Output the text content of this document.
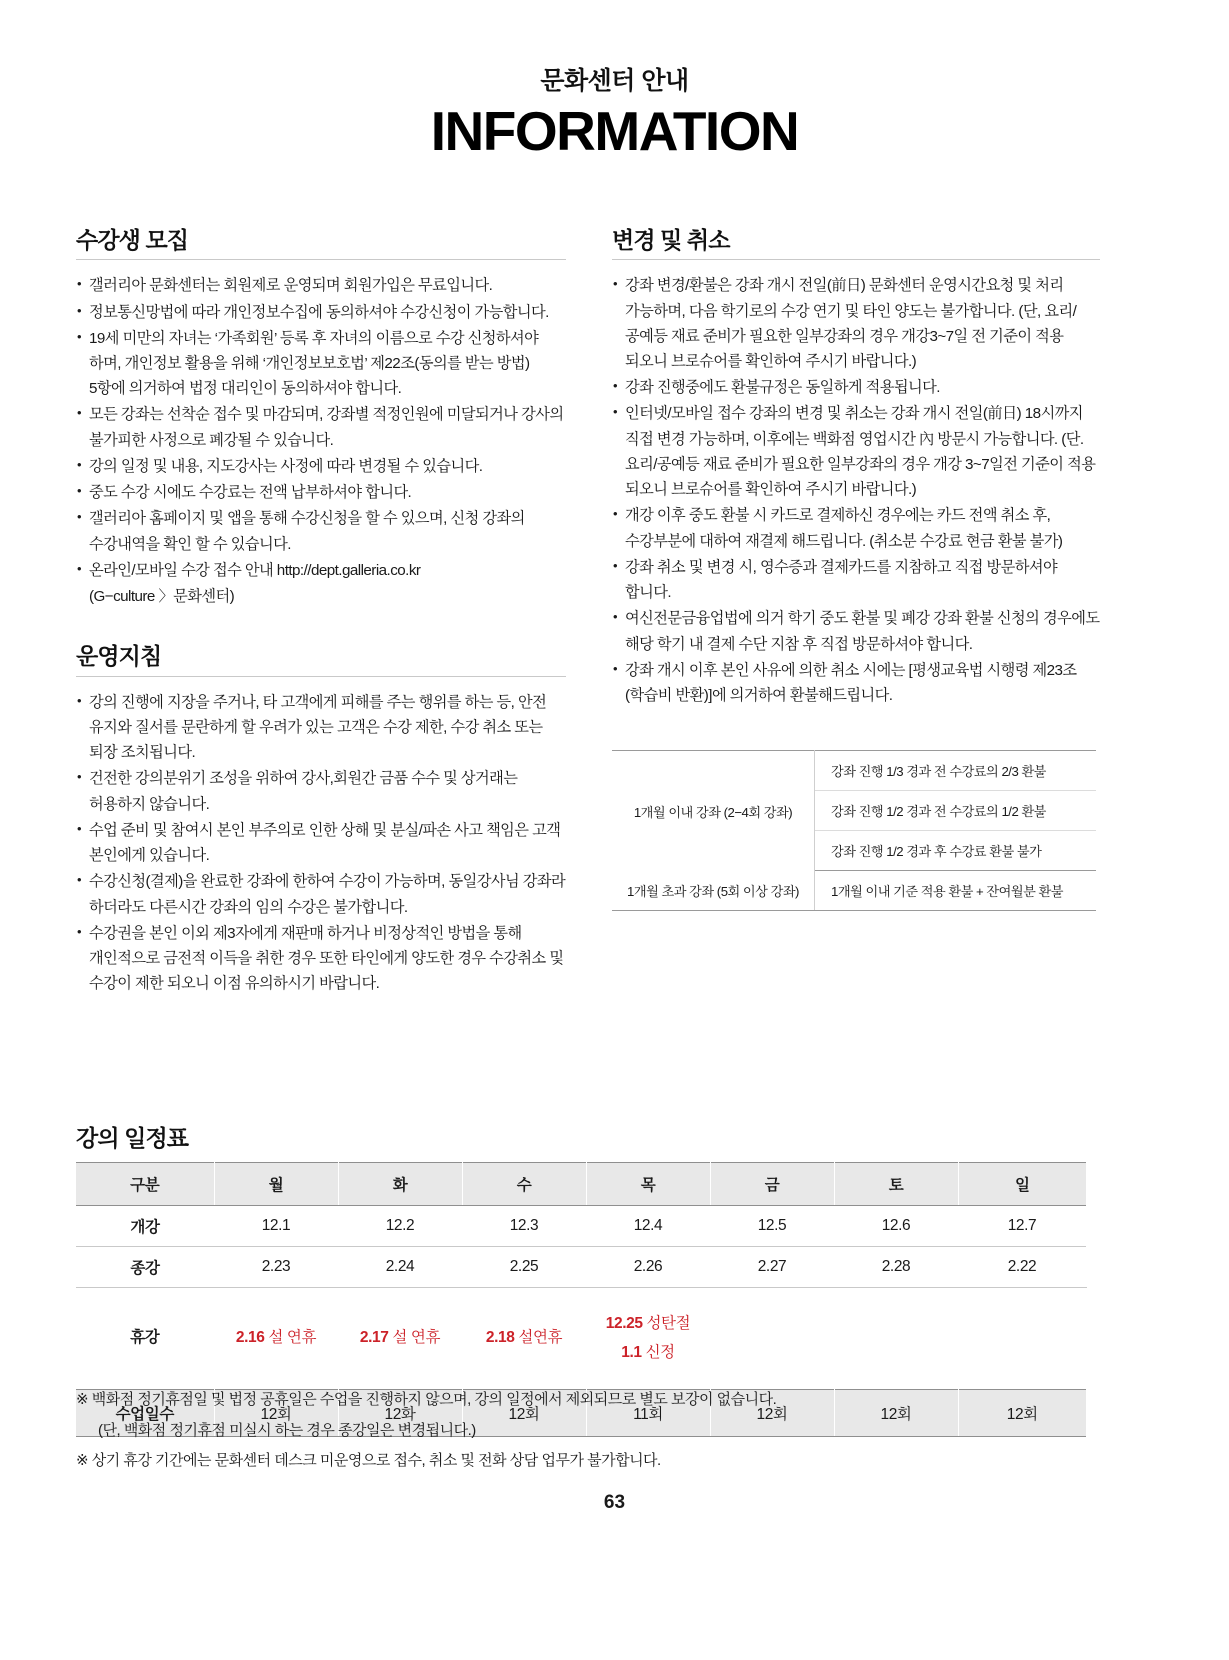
문화센터 안내
INFORMATION
수강생 모집
• 갤러리아 문화센터는 회원제로 운영되며 회원가입은 무료입니다.
• 정보통신망법에 따라 개인정보수집에 동의하셔야 수강신청이 가능합니다.
• 19세 미만의 자녀는 ‘가족회원’ 등록 후 자녀의 이름으로 수강 신청하셔야 하며, 개인정보 활용을 위해 ‘개인정보보호법’ 제22조(동의를 받는 방법) 5항에 의거하여 법정 대리인이 동의하셔야 합니다.
• 모든 강좌는 선착순 접수 및 마감되며, 강좌별 적정인원에 미달되거나 강사의 불가피한 사정으로 폐강될 수 있습니다.
• 강의 일정 및 내용, 지도강사는 사정에 따라 변경될 수 있습니다.
• 중도 수강 시에도 수강료는 전액 납부하셔야 합니다.
• 갤러리아 홈페이지 및 앱을 통해 수강신청을 할 수 있으며, 신청 강좌의 수강내역을 확인 할 수 있습니다.
• 온라인/모바일 수강 접수 안내 http://dept.galleria.co.kr
(G−culture 〉문화센터)
운영지침
• 강의 진행에 지장을 주거나, 타 고객에게 피해를 주는 행위를 하는 등, 안전 유지와 질서를 문란하게 할 우려가 있는 고객은 수강 제한, 수강 취소 또는 퇴장 조치됩니다.
• 건전한 강의분위기 조성을 위하여 강사,회원간 금품 수수 및 상거래는 허용하지 않습니다.
• 수업 준비 및 참여시 본인 부주의로 인한 상해 및 분실/파손 사고 책임은 고객 본인에게 있습니다.
• 수강신청(결제)을 완료한 강좌에 한하여 수강이 가능하며, 동일강사님 강좌라 하더라도 다른시간 강좌의 임의 수강은 불가합니다.
• 수강권을 본인 이외 제3자에게 재판매 하거나 비정상적인 방법을 통해 개인적으로 금전적 이득을 취한 경우 또한 타인에게 양도한 경우 수강취소 및 수강이 제한 되오니 이점 유의하시기 바랍니다.
변경 및 취소
• 강좌 변경/환불은 강좌 개시 전일(前日) 문화센터 운영시간요청 및 처리 가능하며, 다음 학기로의 수강 연기 및 타인 양도는 불가합니다. (단, 요리/공예등 재료 준비가 필요한 일부강좌의 경우 개강3~7일 전 기준이 적용 되오니 브로슈어를 확인하여 주시기 바랍니다.)
• 강좌 진행중에도 환불규정은 동일하게 적용됩니다.
• 인터넷/모바일 접수 강좌의 변경 및 취소는 강좌 개시 전일(前日) 18시까지 직접 변경 가능하며, 이후에는 백화점 영업시간 內 방문시 가능합니다. (단.요리/공예등 재료 준비가 필요한 일부강좌의 경우 개강 3~7일전 기준이 적용 되오니 브로슈어를 확인하여 주시기 바랍니다.)
• 개강 이후 중도 환불 시 카드로 결제하신 경우에는 카드 전액 취소 후, 수강부분에 대하여 재결제 해드립니다. (취소분 수강료 현금 환불 불가)
• 강좌 취소 및 변경 시, 영수증과 결제카드를 지참하고 직접 방문하셔야 합니다.
• 여신전문금융업법에 의거 학기 중도 환불 및 폐강 강좌 환불 신청의 경우에도 해당 학기 내 결제 수단 지참 후 직접 방문하셔야 합니다.
• 강좌 개시 이후 본인 사유에 의한 취소 시에는 [평생교육법 시행령 제23조(학습비 반환)]에 의거하여 환불해드립니다.
1개월 이내 강좌 (2−4회 강좌)	강좌 진행 1/3 경과 전 수강료의 2/3 환불
	강좌 진행 1/2 경과 전 수강료의 1/2 환불
	강좌 진행 1/2 경과 후 수강료 환불 불가
1개월 초과 강좌 (5회 이상 강좌)	1개월 이내 기준 적용 환불 + 잔여월분 환불
강의 일정표
구분	월	화	수	목	금	토	일
개강	12.1	12.2	12.3	12.4	12.5	12.6	12.7
종강	2.23	2.24	2.25	2.26	2.27	2.28	2.22
휴강	2.16 설 연휴	2.17 설 연휴	2.18 설연휴	12.25 성탄절
1.1 신정			

수업일수	12회	12화	12회	11회	12회	12회	12회

※ 백화점 정기휴점일 및 법정 공휴일은 수업을 진행하지 않으며, 강의 일정에서 제외되므로 별도 보강이 없습니다.

(단, 백화점 정기휴점 미실시 하는 경우 종강일은 변경됩니다.)

※ 상기 휴강 기간에는 문화센터 데스크 미운영으로 접수, 취소 및 전화 상담 업무가 불가합니다.

63
